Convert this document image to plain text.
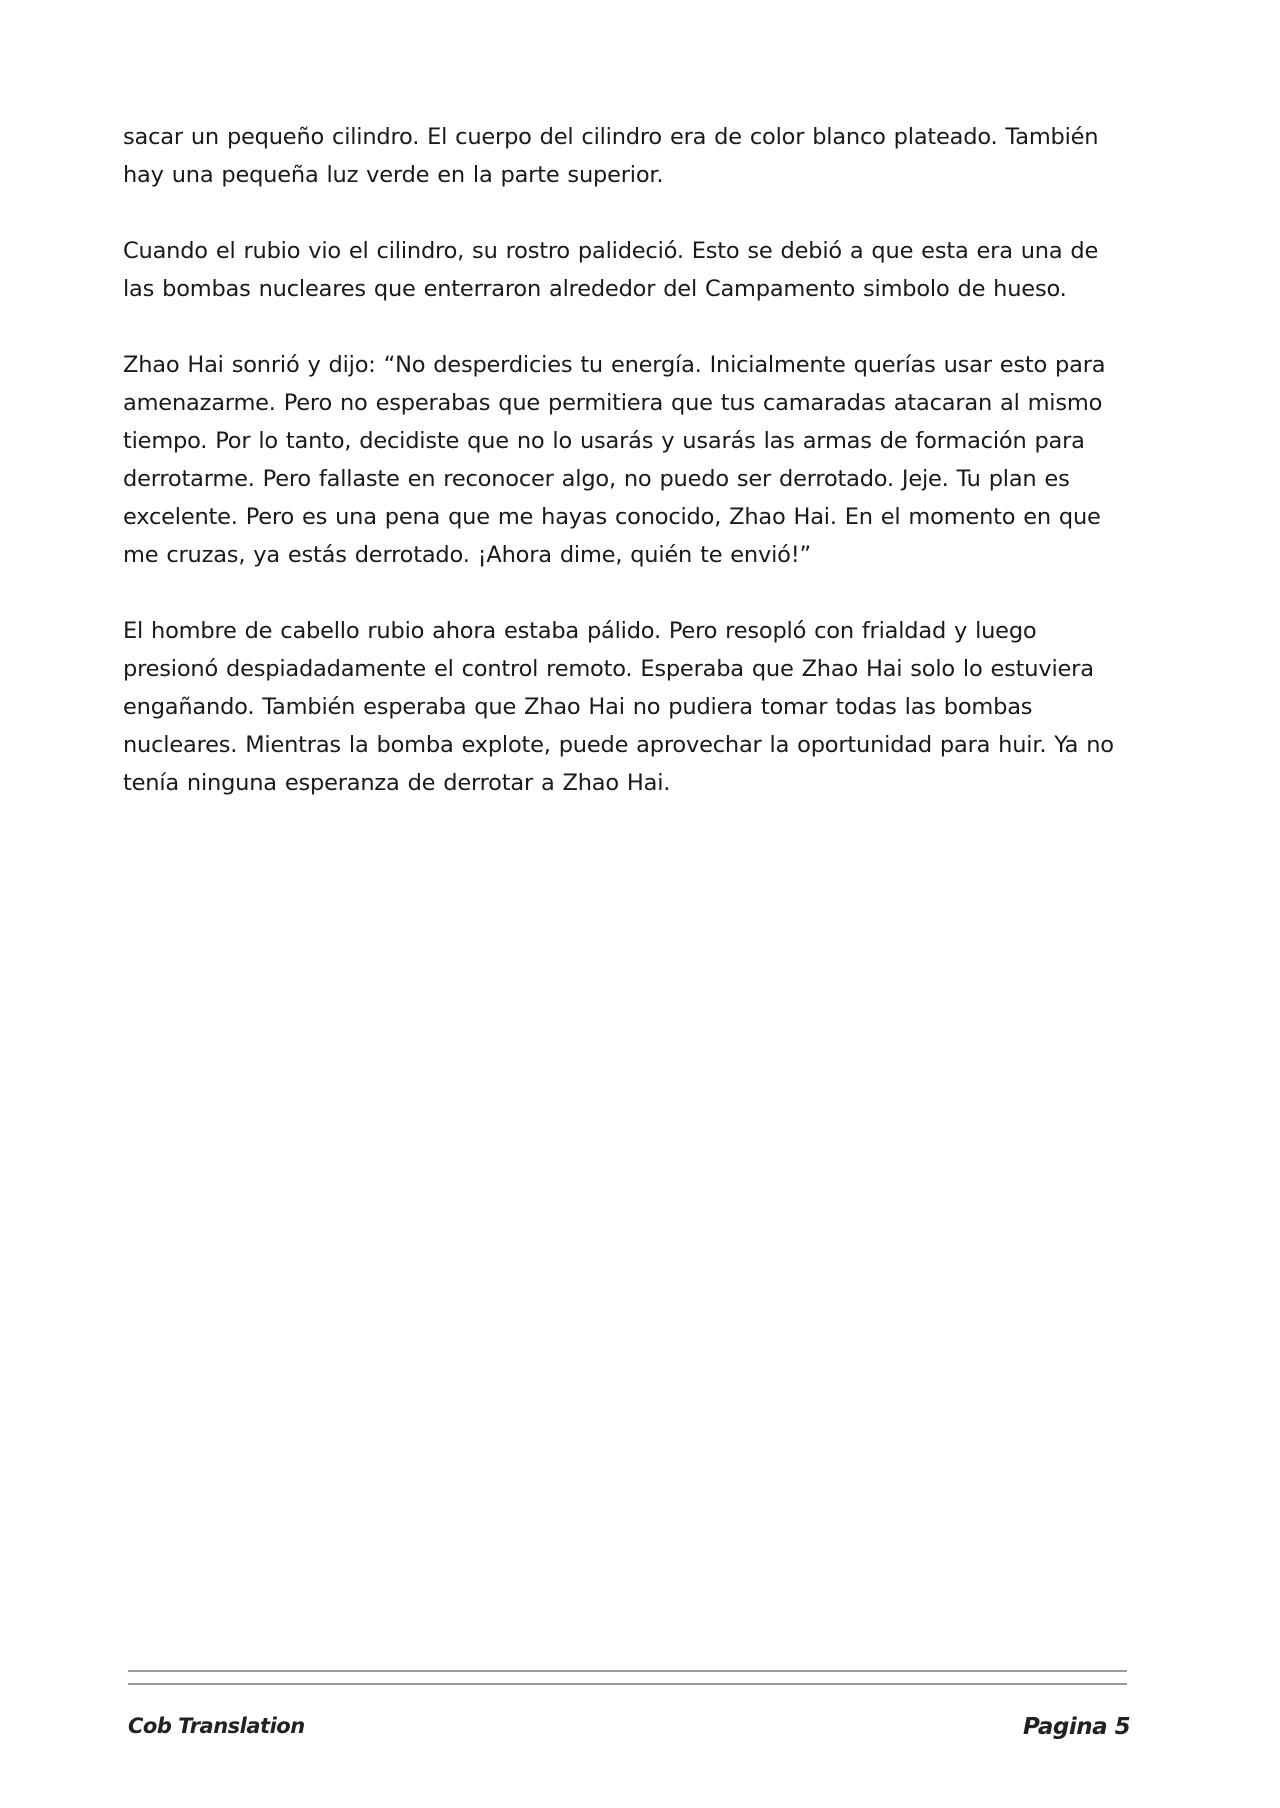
sacar un pequeño cilindro. El cuerpo del cilindro era de color blanco plateado. También hay una pequeña luz verde en la parte superior.

Cuando el rubio vio el cilindro, su rostro palideció. Esto se debió a que esta era una de las bombas nucleares que enterraron alrededor del Campamento simbolo de hueso.

Zhao Hai sonrió y dijo: “No desperdicies tu energía. Inicialmente querías usar esto para amenazarme. Pero no esperabas que permitiera que tus camaradas atacaran al mismo tiempo. Por lo tanto, decidiste que no lo usarás y usarás las armas de formación para derrotarme. Pero fallaste en reconocer algo, no puedo ser derrotado. Jeje. Tu plan es excelente. Pero es una pena que me hayas conocido, Zhao Hai. En el momento en que me cruzas, ya estás derrotado. ¡Ahora dime, quién te envió!”

El hombre de cabello rubio ahora estaba pálido. Pero resopló con frialdad y luego presionó despiadadamente el control remoto. Esperaba que Zhao Hai solo lo estuviera engañando. También esperaba que Zhao Hai no pudiera tomar todas las bombas nucleares. Mientras la bomba explote, puede aprovechar la oportunidad para huir. Ya no tenía ninguna esperanza de derrotar a Zhao Hai.

Cob Translation	Pagina 5
